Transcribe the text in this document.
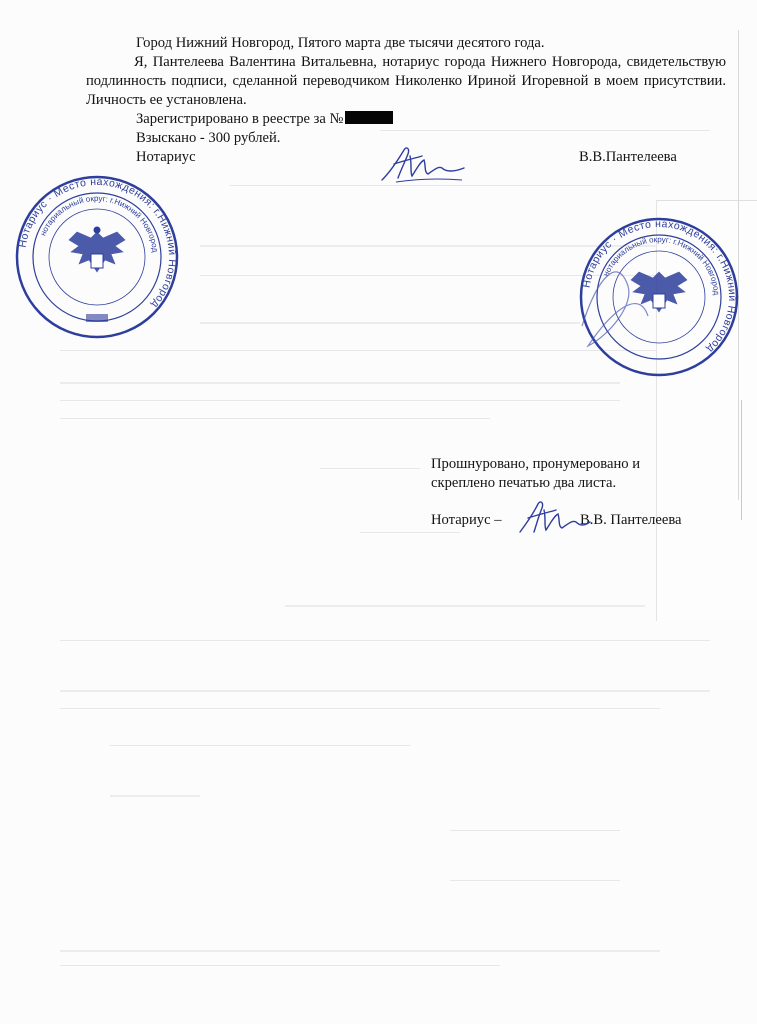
Город Нижний Новгород, Пятого марта две тысячи десятого года.
Я, Пантелеева Валентина Витальевна, нотариус города Нижнего Новгорода, свидетельствую подлинность подписи, сделанной переводчиком Николенко Ириной Игоревной в моем присутствии. Личность ее установлена.
Зарегистрировано в реестре за №
Взыскано - 300 рублей.
Нотариус	В.В.Пантелеева
Нотариус · Место нахождения: г.Нижний Новгород
нотариальный округ: г.Нижний Новгород
Нотариус · Место нахождения: г.Нижний Новгород
нотариальный округ: г.Нижний Новгород
Прошнуровано, пронумеровано и
скреплено печатью два листа.
Нотариус –	В.В. Пантелеева
